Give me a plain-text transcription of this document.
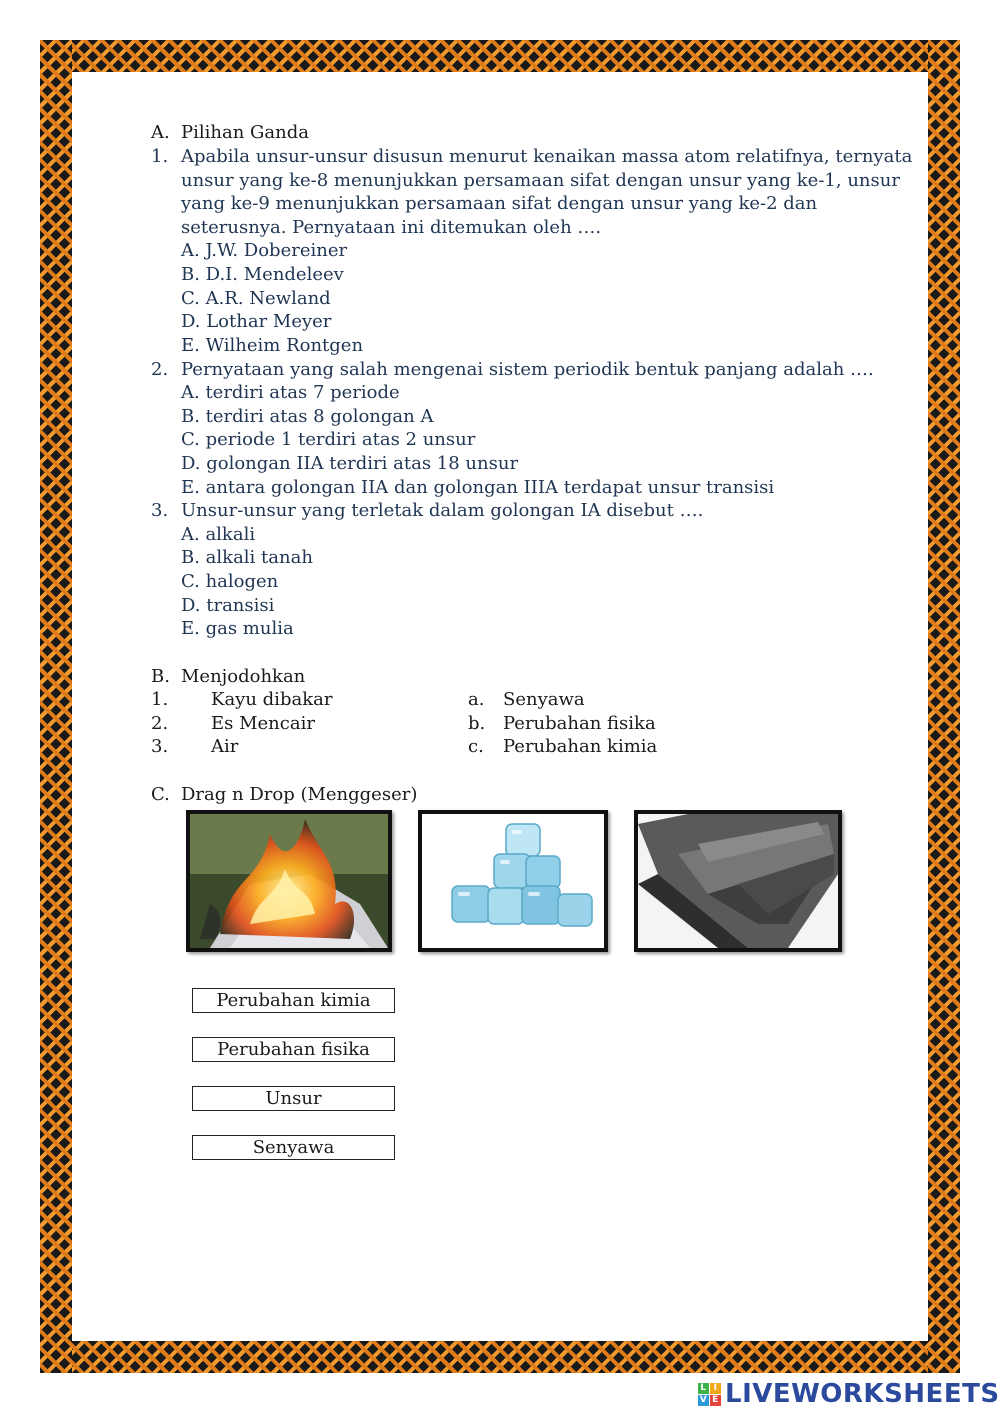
A. Pilihan Ganda
1. Apabila unsur-unsur disusun menurut kenaikan massa atom relatifnya, ternyata
unsur yang ke-8 menunjukkan persamaan sifat dengan unsur yang ke-1, unsur
yang ke-9 menunjukkan persamaan sifat dengan unsur yang ke-2 dan
seterusnya. Pernyataan ini ditemukan oleh ….
A. J.W. Dobereiner
B. D.I. Mendeleev
C. A.R. Newland
D. Lothar Meyer
E. Wilheim Rontgen
2. Pernyataan yang salah mengenai sistem periodik bentuk panjang adalah ….
A. terdiri atas 7 periode
B. terdiri atas 8 golongan A
C. periode 1 terdiri atas 2 unsur
D. golongan IIA terdiri atas 18 unsur
E. antara golongan IIA dan golongan IIIA terdapat unsur transisi
3. Unsur-unsur yang terletak dalam golongan IA disebut ….
A. alkali
B. alkali tanah
C. halogen
D. transisi
E. gas mulia
B. Menjodohkan
1. Kayu dibakar
2. Es Mencair
3. Air
a. Senyawa
b. Perubahan fisika
c. Perubahan kimia
C. Drag n Drop (Menggeser)
Perubahan kimia
Perubahan fisika
Unsur
Senyawa
L I
V E LIVEWORKSHEETS
